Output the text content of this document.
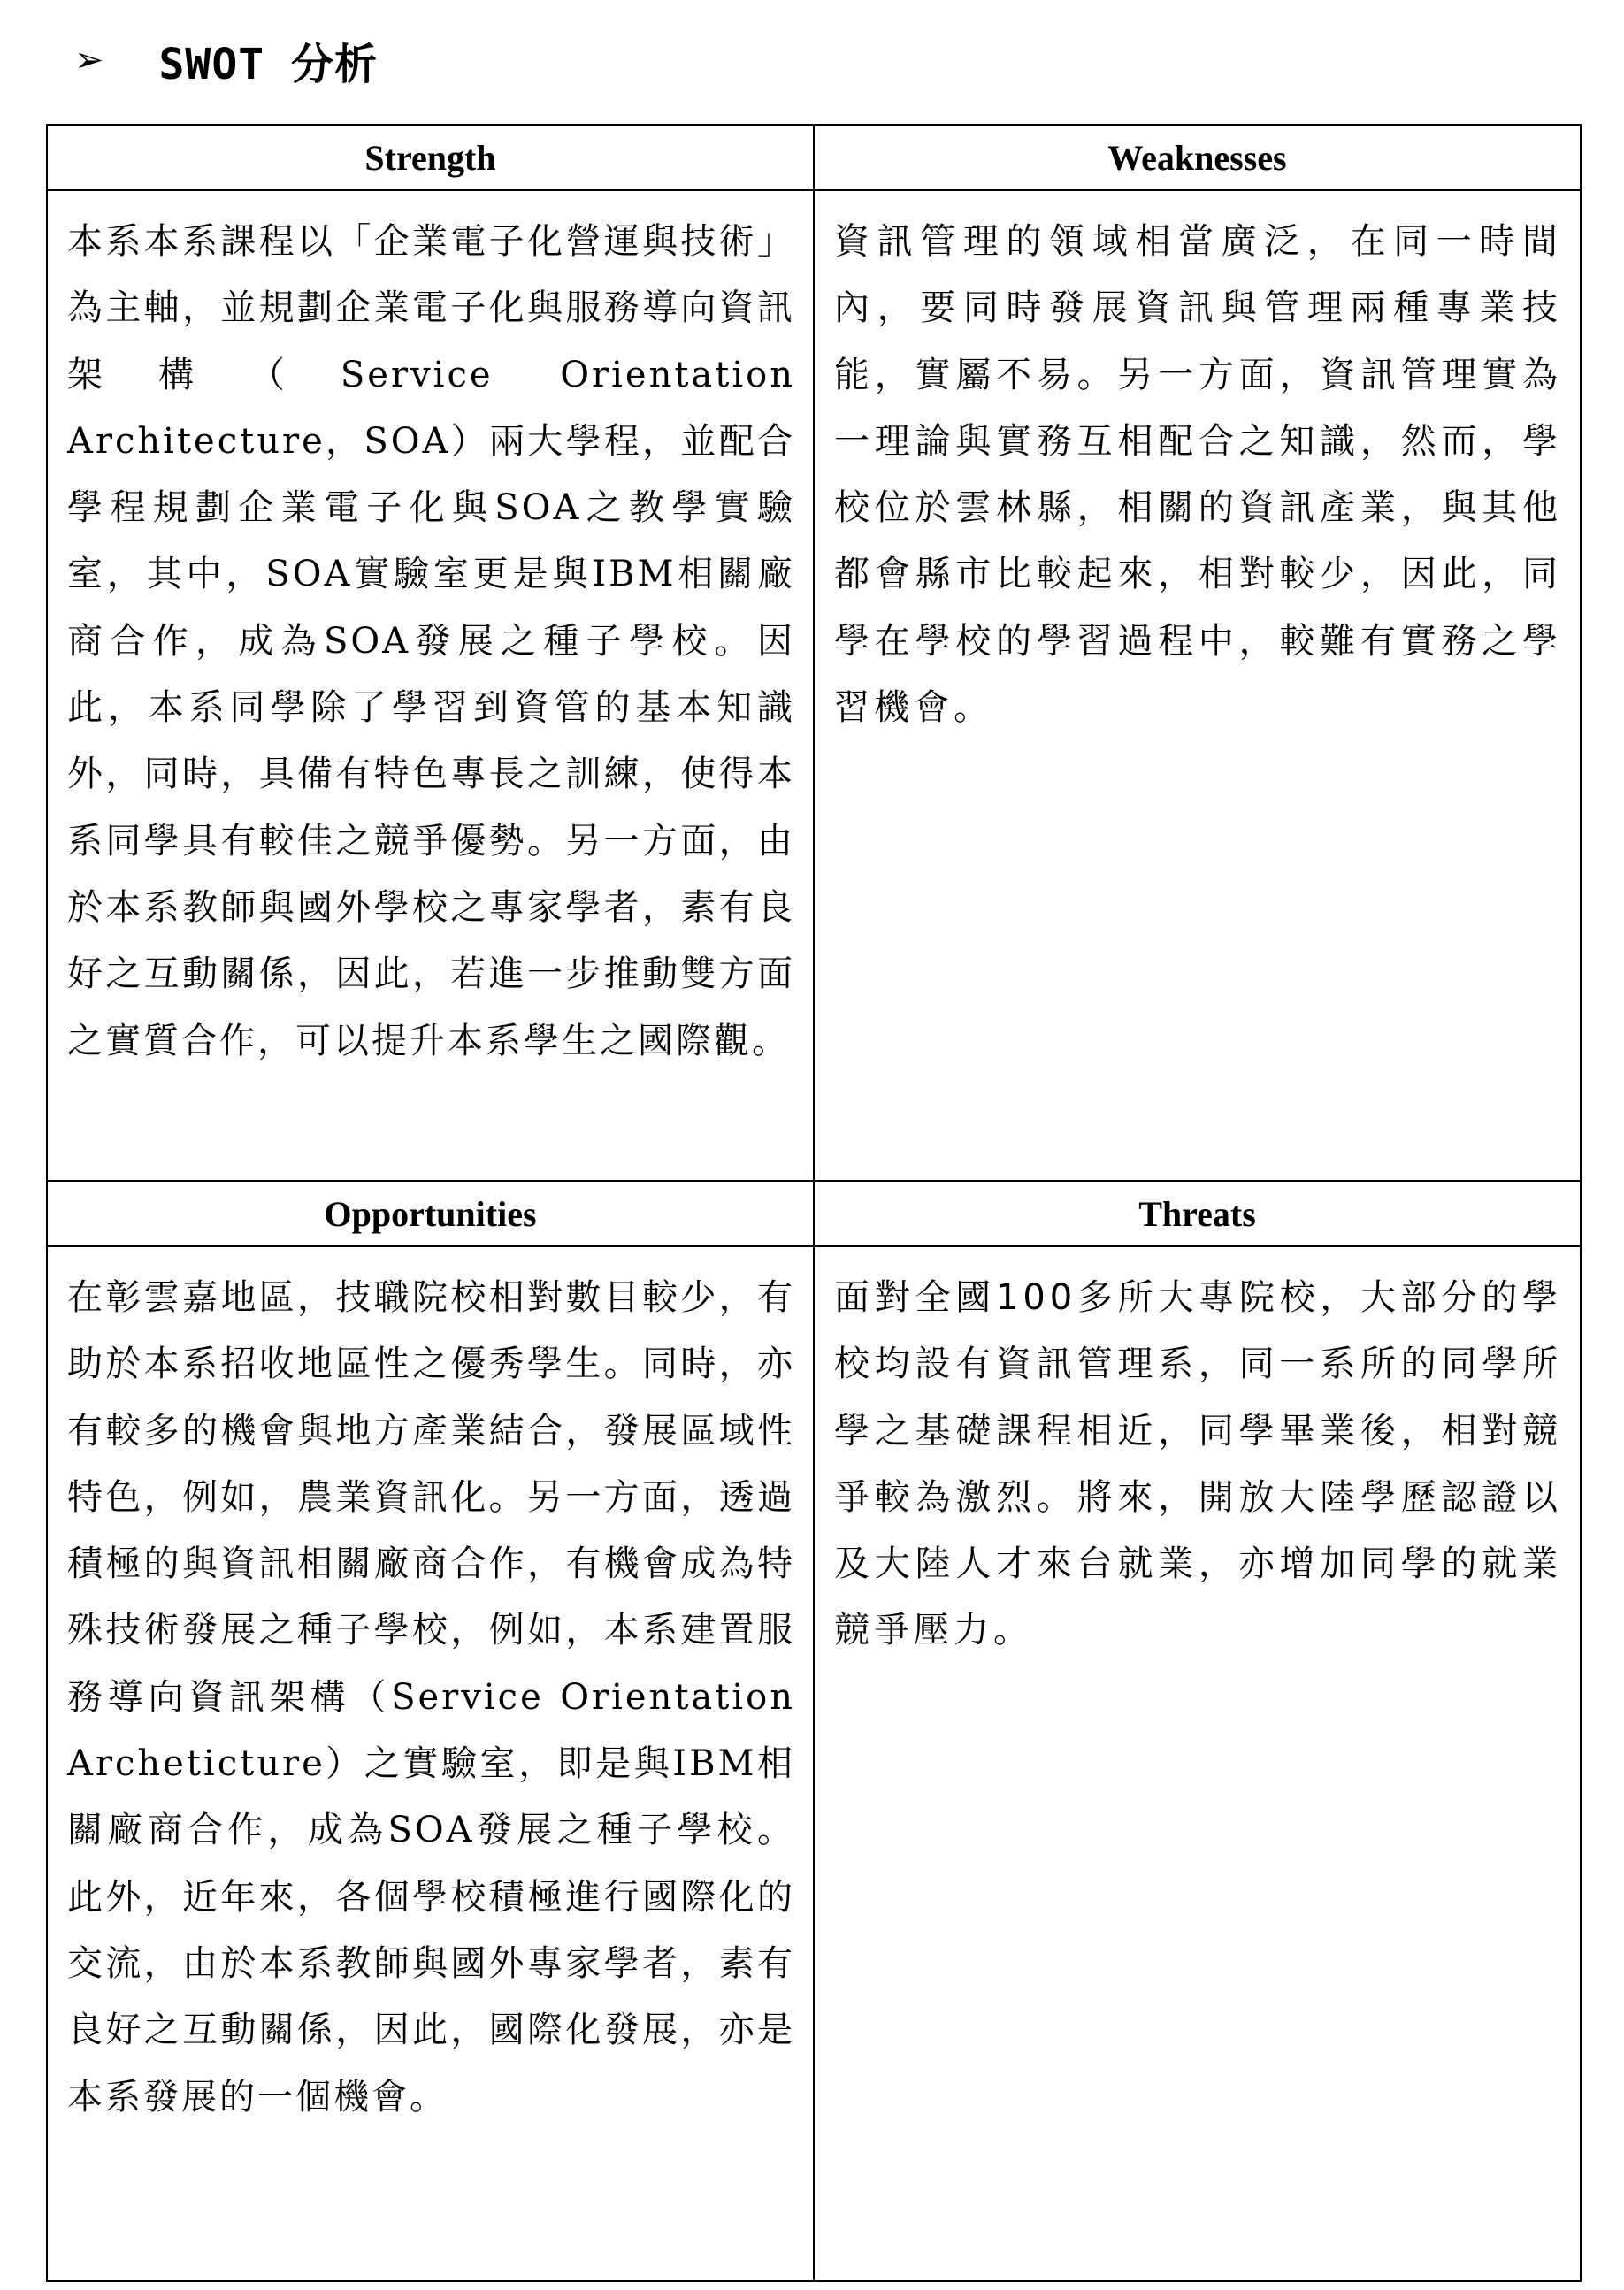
➢ SWOT 分析
Strength	Weaknesses

本系本系課程以「企業電子化營運與技術」為主軸，並規劃企業電子化與服務導向資訊架構（Service Orientation Architecture，SOA）兩大學程，並配合學程規劃企業電子化與SOA之教學實驗室，其中，SOA實驗室更是與IBM相關廠商合作，成為SOA發展之種子學校。因此，本系同學除了學習到資管的基本知識外，同時，具備有特色專長之訓練，使得本系同學具有較佳之競爭優勢。另一方面，由於本系教師與國外學校之專家學者，素有良好之互動關係，因此，若進一步推動雙方面之實質合作，可以提升本系學生之國際觀。	資訊管理的領域相當廣泛，在同一時間內，要同時發展資訊與管理兩種專業技能，實屬不易。另一方面，資訊管理實為一理論與實務互相配合之知識，然而，學校位於雲林縣，相關的資訊產業，與其他都會縣市比較起來，相對較少，因此，同學在學校的學習過程中，較難有實務之學習機會。

Opportunities	Threats

在彰雲嘉地區，技職院校相對數目較少，有助於本系招收地區性之優秀學生。同時，亦有較多的機會與地方產業結合，發展區域性特色，例如，農業資訊化。另一方面，透過積極的與資訊相關廠商合作，有機會成為特殊技術發展之種子學校，例如，本系建置服務導向資訊架構（Service Orientation Archeticture）之實驗室，即是與IBM相關廠商合作，成為SOA發展之種子學校。此外，近年來，各個學校積極進行國際化的交流，由於本系教師與國外專家學者，素有良好之互動關係，因此，國際化發展，亦是本系發展的一個機會。	面對全國100多所大專院校，大部分的學校均設有資訊管理系，同一系所的同學所學之基礎課程相近，同學畢業後，相對競爭較為激烈。將來，開放大陸學歷認證以及大陸人才來台就業，亦增加同學的就業競爭壓力。
